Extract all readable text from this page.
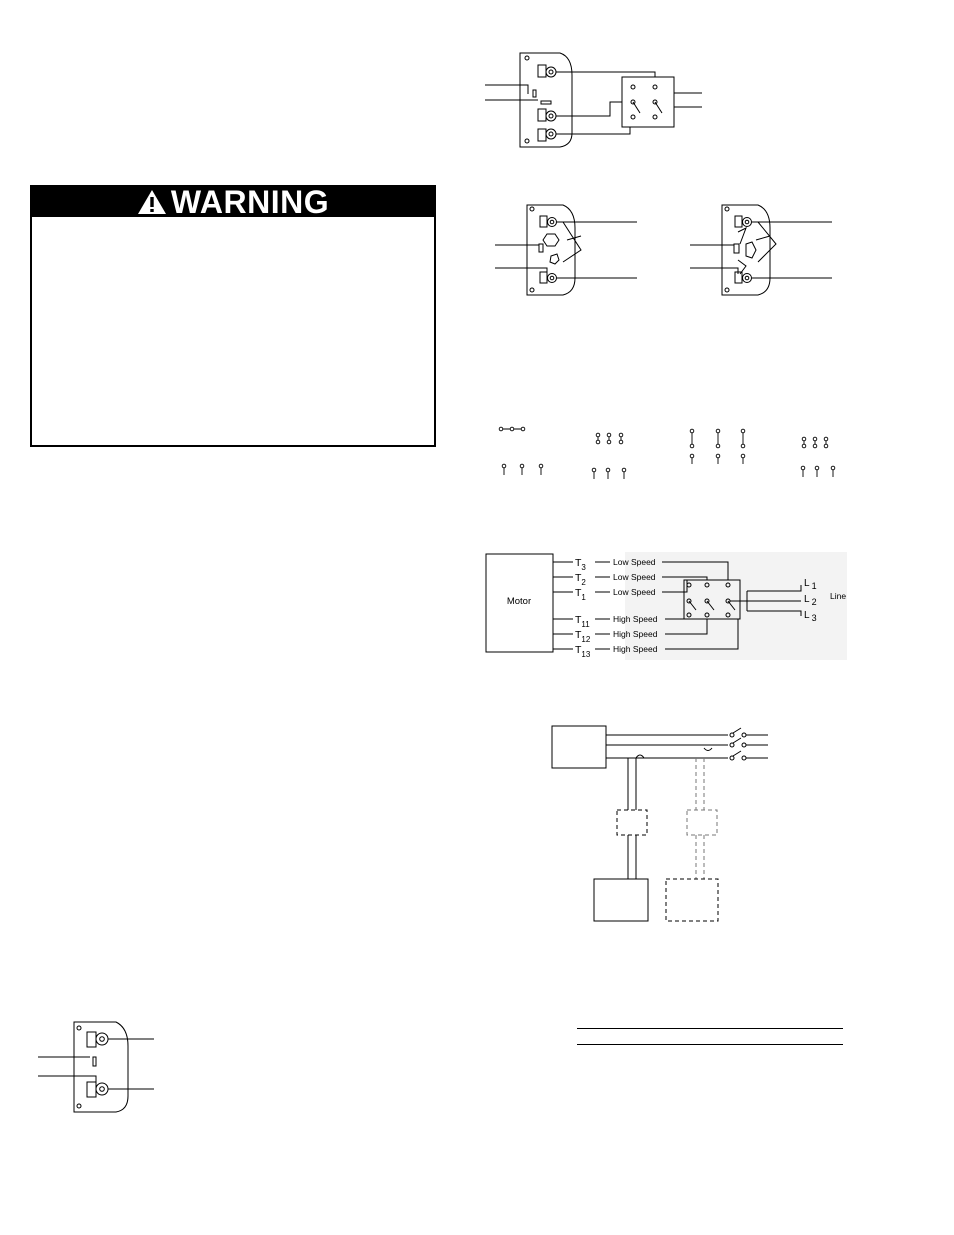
WARNING
Motor
$T_3$
$T_2$
$T_1$
$T_{11}$
$T_{12}$
$T_{13}$
Low Speed
Low Speed
Low Speed
High Speed
High Speed
High Speed
L 1
L 2
L 3
Line
